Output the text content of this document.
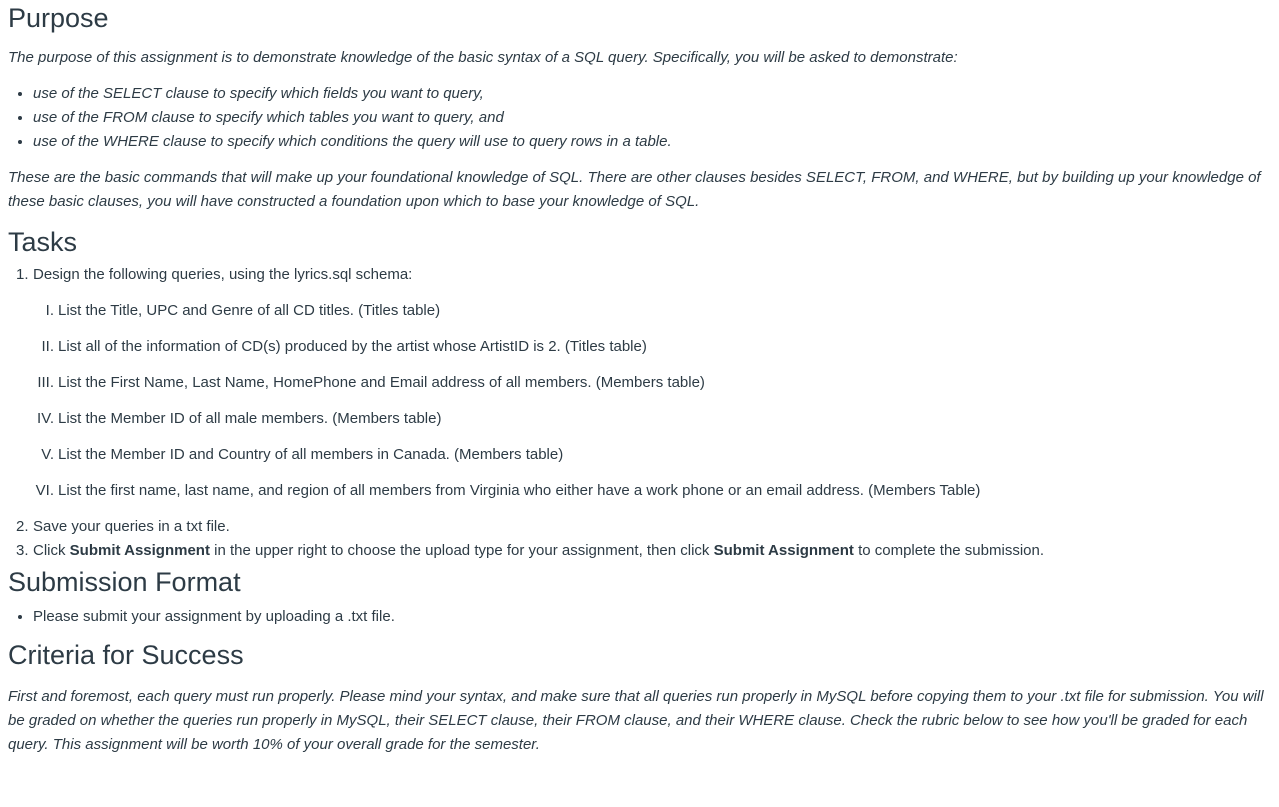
Purpose

The purpose of this assignment is to demonstrate knowledge of the basic syntax of a SQL query. Specifically, you will be asked to demonstrate:

• use of the SELECT clause to specify which fields you want to query,
• use of the FROM clause to specify which tables you want to query, and
• use of the WHERE clause to specify which conditions the query will use to query rows in a table.

These are the basic commands that will make up your foundational knowledge of SQL. There are other clauses besides SELECT, FROM, and WHERE, but by building up your knowledge of these basic clauses, you will have constructed a foundation upon which to base your knowledge of SQL.

Tasks
1. Design the following queries, using the lyrics.sql schema:
I. List the Title, UPC and Genre of all CD titles. (Titles table)
II. List all of the information of CD(s) produced by the artist whose ArtistID is 2. (Titles table)
III. List the First Name, Last Name, HomePhone and Email address of all members. (Members table)
IV. List the Member ID of all male members. (Members table)
V. List the Member ID and Country of all members in Canada. (Members table)
VI. List the first name, last name, and region of all members from Virginia who either have a work phone or an email address. (Members Table)
2. Save your queries in a txt file.
3. Click Submit Assignment in the upper right to choose the upload type for your assignment, then click Submit Assignment to complete the submission.
Submission Format
• Please submit your assignment by uploading a .txt file.
Criteria for Success

First and foremost, each query must run properly. Please mind your syntax, and make sure that all queries run properly in MySQL before copying them to your .txt file for submission. You will be graded on whether the queries run properly in MySQL, their SELECT clause, their FROM clause, and their WHERE clause. Check the rubric below to see how you'll be graded for each query. This assignment will be worth 10% of your overall grade for the semester.
